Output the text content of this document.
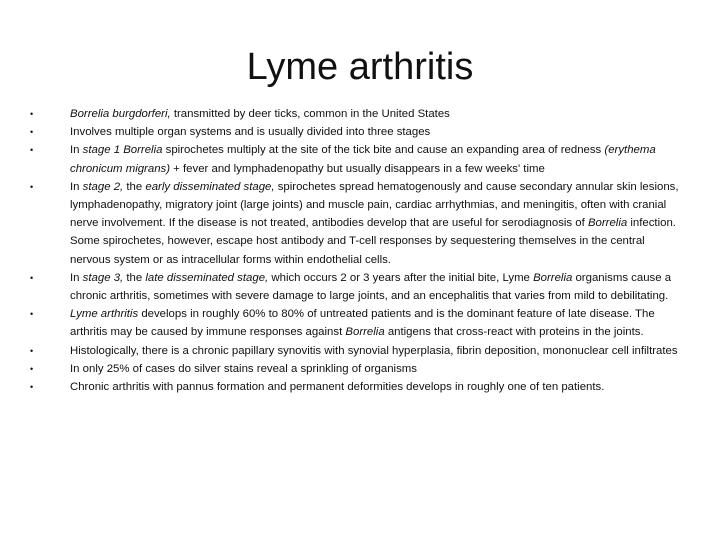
Lyme arthritis
•	Borrelia burgdorferi, transmitted by deer ticks, common in the United States
•	Involves multiple organ systems and is usually divided into three stages
•	In stage 1 Borrelia spirochetes multiply at the site of the tick bite and cause an expanding area of redness (erythema chronicum migrans) + fever and lymphadenopathy but usually disappears in a few weeks' time
•	In stage 2, the early disseminated stage, spirochetes spread hematogenously and cause secondary annular skin lesions, lymphadenopathy, migratory joint (large joints) and muscle pain, cardiac arrhythmias, and meningitis, often with cranial nerve involvement. If the disease is not treated, antibodies develop that are useful for serodiagnosis of Borrelia infection. Some spirochetes, however, escape host antibody and T-cell responses by sequestering themselves in the central nervous system or as intracellular forms within endothelial cells.
•	In stage 3, the late disseminated stage, which occurs 2 or 3 years after the initial bite, Lyme Borrelia organisms cause a chronic arthritis, sometimes with severe damage to large joints, and an encephalitis that varies from mild to debilitating.
•	Lyme arthritis develops in roughly 60% to 80% of untreated patients and is the dominant feature of late disease. The arthritis may be caused by immune responses against Borrelia antigens that cross-react with proteins in the joints.
•	Histologically, there is a chronic papillary synovitis with synovial hyperplasia, fibrin deposition, mononuclear cell infiltrates
•	In only 25% of cases do silver stains reveal a sprinkling of organisms
•	Chronic arthritis with pannus formation and permanent deformities develops in roughly one of ten patients.
